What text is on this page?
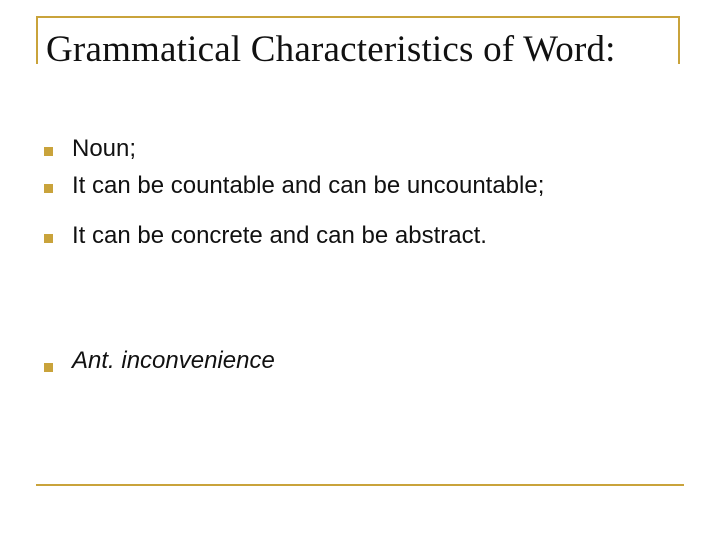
Grammatical Characteristics of Word:
Noun;
It can be countable and can be uncountable;
It can be concrete and can be abstract.
Ant. inconvenience
